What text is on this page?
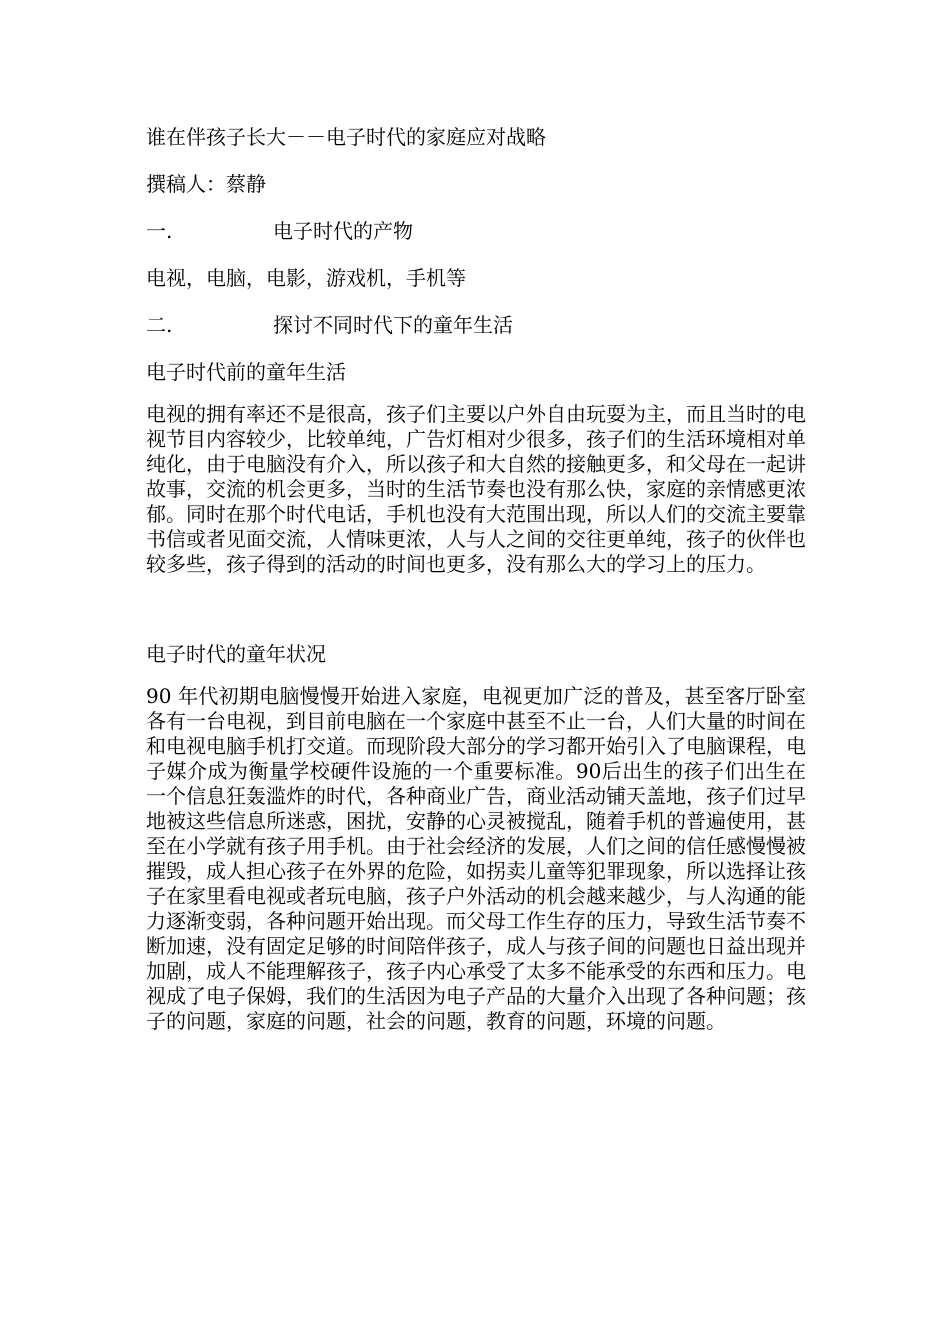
谁在伴孩子长大－－电子时代的家庭应对战略
撰稿人：蔡静
一.	电子时代的产物
电视，电脑，电影，游戏机，手机等
二.	探讨不同时代下的童年生活
电子时代前的童年生活

电视的拥有率还不是很高，孩子们主要以户外自由玩耍为主，而且当时的电视节目内容较少，比较单纯，广告灯相对少很多，孩子们的生活环境相对单纯化，由于电脑没有介入，所以孩子和大自然的接触更多，和父母在一起讲故事，交流的机会更多，当时的生活节奏也没有那么快，家庭的亲情感更浓郁。同时在那个时代电话，手机也没有大范围出现，所以人们的交流主要靠书信或者见面交流，人情味更浓，人与人之间的交往更单纯，孩子的伙伴也较多些，孩子得到的活动的时间也更多，没有那么大的学习上的压力。

电子时代的童年状况

90 年代初期电脑慢慢开始进入家庭，电视更加广泛的普及，甚至客厅卧室各有一台电视，到目前电脑在一个家庭中甚至不止一台，人们大量的时间在和电视电脑手机打交道。而现阶段大部分的学习都开始引入了电脑课程，电子媒介成为衡量学校硬件设施的一个重要标准。90后出生的孩子们出生在一个信息狂轰滥炸的时代，各种商业广告，商业活动铺天盖地，孩子们过早地被这些信息所迷惑，困扰，安静的心灵被搅乱，随着手机的普遍使用，甚至在小学就有孩子用手机。由于社会经济的发展，人们之间的信任感慢慢被摧毁，成人担心孩子在外界的危险，如拐卖儿童等犯罪现象，所以选择让孩子在家里看电视或者玩电脑，孩子户外活动的机会越来越少，与人沟通的能力逐渐变弱，各种问题开始出现。而父母工作生存的压力，导致生活节奏不断加速，没有固定足够的时间陪伴孩子，成人与孩子间的问题也日益出现并加剧，成人不能理解孩子，孩子内心承受了太多不能承受的东西和压力。电视成了电子保姆，我们的生活因为电子产品的大量介入出现了各种问题；孩子的问题，家庭的问题，社会的问题，教育的问题，环境的问题。
